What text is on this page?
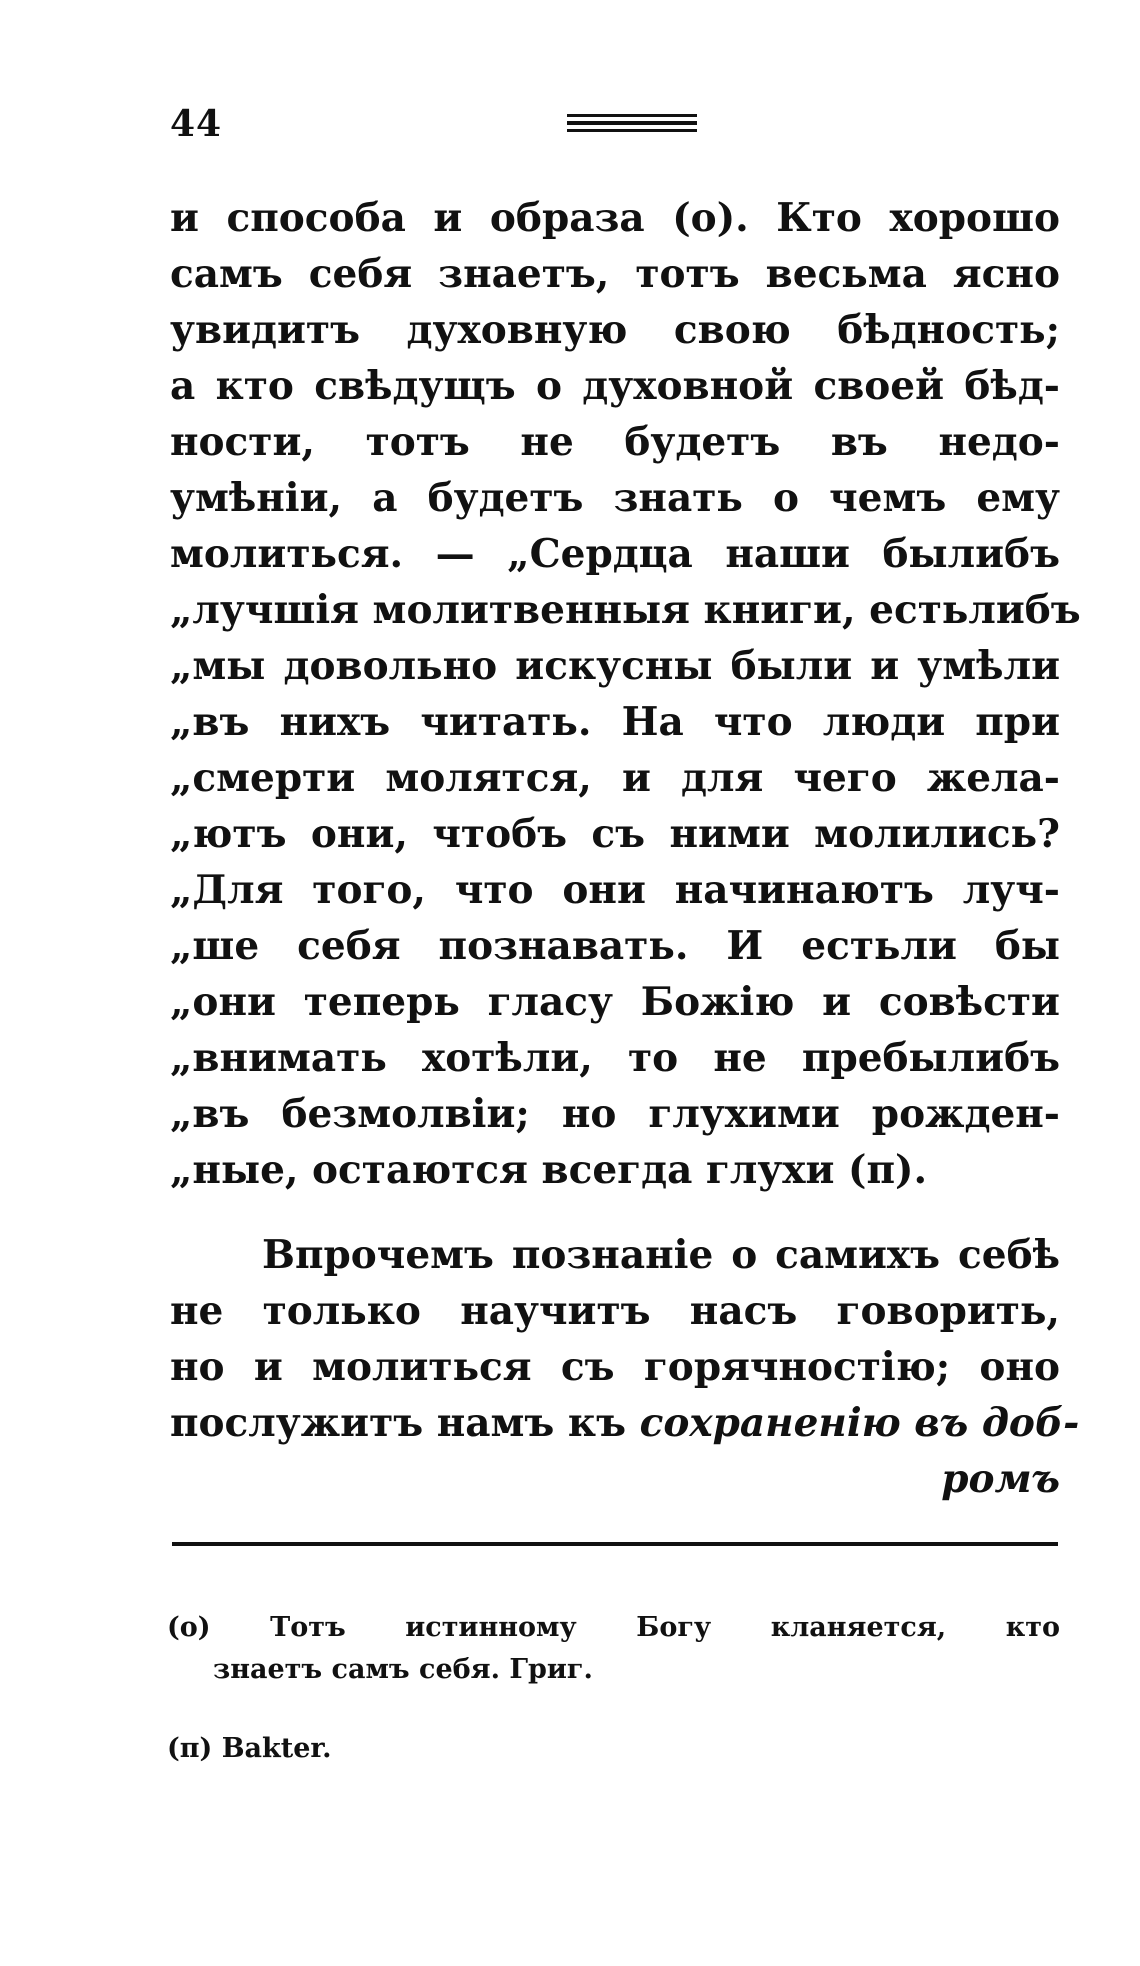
44
и способа и образа (о). Кто хорошо
самъ себя знаетъ, тотъ весьма ясно
увидитъ духовную свою бѣдность;
а кто свѣдущъ о духовной своей бѣд-
ности, тотъ не будетъ въ недо-
умѣніи, а будетъ знать о чемъ ему
молиться. — „Сердца наши былибъ
„лучшія молитвенныя книги, естьлибъ
„мы довольно искусны были и умѣли
„въ нихъ читать. На что люди при
„смерти молятся, и для чего жела-
„ютъ они, чтобъ съ ними молились?
„Для того, что они начинаютъ луч-
„ше себя познавать. И естьли бы
„они теперь гласу Божію и совѣсти
„внимать хотѣли, то не пребылибъ
„въ безмолвіи; но глухими рожден-
„ные, остаются всегда глухи (п).
Впрочемъ познаніе о самихъ себѣ
не только научитъ насъ говорить,
но и молиться съ горячностію; оно
послужитъ намъ къ сохраненію въ доб-
ромъ
(о) Тотъ истинному Богу кланяется, кто
знаетъ самъ себя. Григ.
(п) Bakter.
